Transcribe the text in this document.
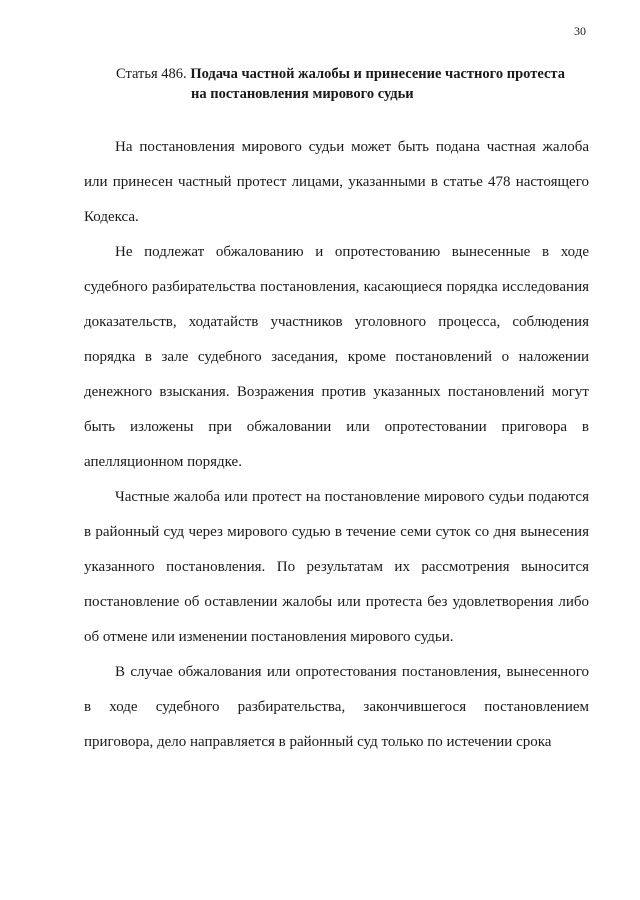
30
Статья 486. Подача частной жалобы и принесение частного протеста
на постановления мирового судьи

На постановления мирового судьи может быть подана частная жалоба или принесен частный протест лицами, указанными в статье 478 настоящего Кодекса.

Не подлежат обжалованию и опротестованию вынесенные в ходе судебного разбирательства постановления, касающиеся порядка исследования доказательств, ходатайств участников уголовного процесса, соблюдения порядка в зале судебного заседания, кроме постановлений о наложении денежного взыскания. Возражения против указанных постановлений могут быть изложены при обжаловании или опротестовании приговора в апелляционном порядке.

Частные жалоба или протест на постановление мирового судьи подаются в районный суд через мирового судью в течение семи суток со дня вынесения указанного постановления. По результатам их рассмотрения выносится постановление об оставлении жалобы или протеста без удовлетворения либо об отмене или изменении постановления мирового судьи.

В случае обжалования или опротестования постановления, вынесенного в ходе судебного разбирательства, закончившегося постановлением приговора, дело направляется в районный суд только по истечении срока
